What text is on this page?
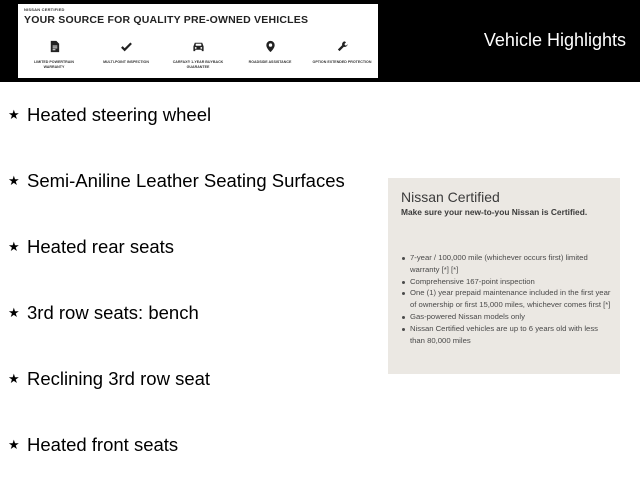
NISSAN CERTIFIED
YOUR SOURCE FOR QUALITY PRE-OWNED VEHICLES
LIMITED POWERTRAIN WARRANTY
MULTI-POINT INSPECTION	CARFAX® 1-YEAR BUYBACK GUARANTEE
ROADSIDE ASSISTANCE	OPTION EXTENDED PROTECTION
Vehicle Highlights
★ Heated steering wheel
★ Semi-Aniline Leather Seating Surfaces
★ Heated rear seats
★ 3rd row seats: bench
★ Reclining 3rd row seat
★ Heated front seats
Nissan Certified
Make sure your new-to-you Nissan is Certified.
7-year / 100,000 mile (whichever occurs first) limited warranty [*] [*]
Comprehensive 167-point inspection
One (1) year prepaid maintenance included in the first year of ownership or first 15,000 miles, whichever comes first [*]
Gas-powered Nissan models only
Nissan Certified vehicles are up to 6 years old with less than 80,000 miles
